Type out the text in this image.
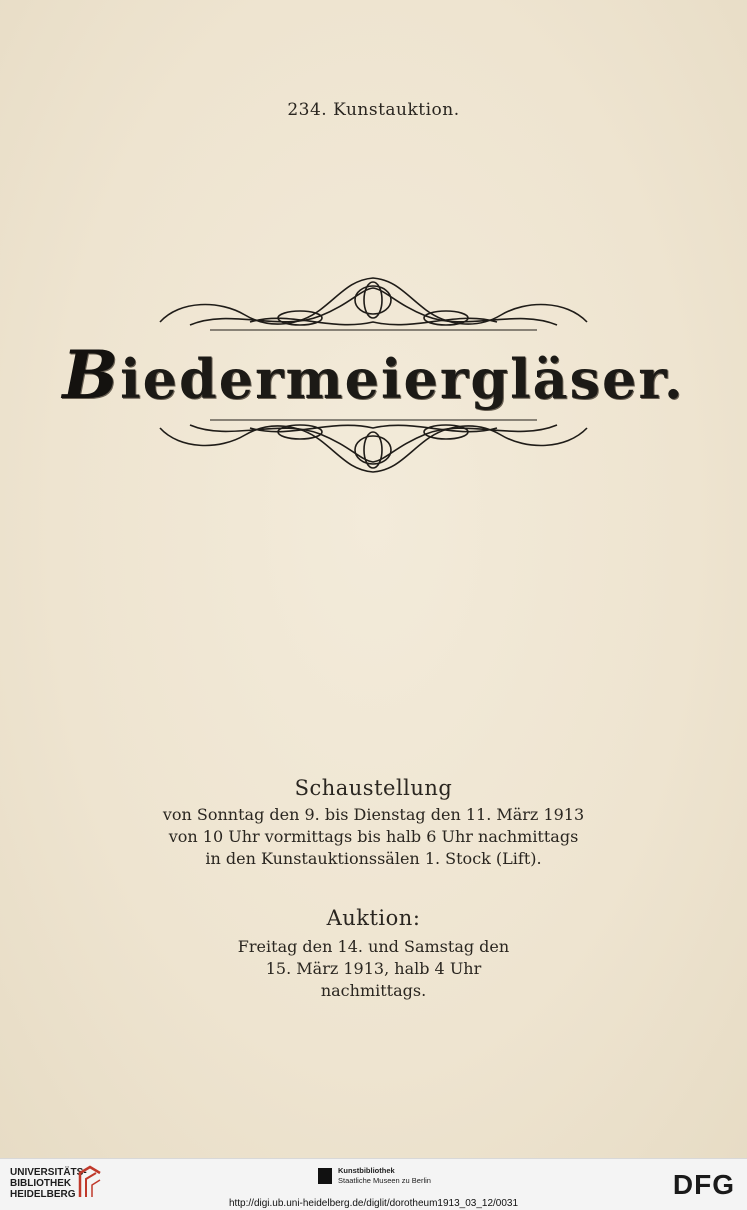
234. Kunstauktion.
Biedermeiergläser.
Schaustellung
von Sonntag den 9. bis Dienstag den 11. März 1913
von 10 Uhr vormittags bis halb 6 Uhr nachmittags
in den Kunstauktionssälen 1. Stock (Lift).
Auktion:
Freitag den 14. und Samstag den
15. März 1913, halb 4 Uhr
nachmittags.
UNIVERSITÄTS-
BIBLIOTHEK
HEIDELBERG
Kunstbibliothek
Staatliche Museen zu Berlin	DFG
http://digi.ub.uni-heidelberg.de/diglit/dorotheum1913_03_12/0031
